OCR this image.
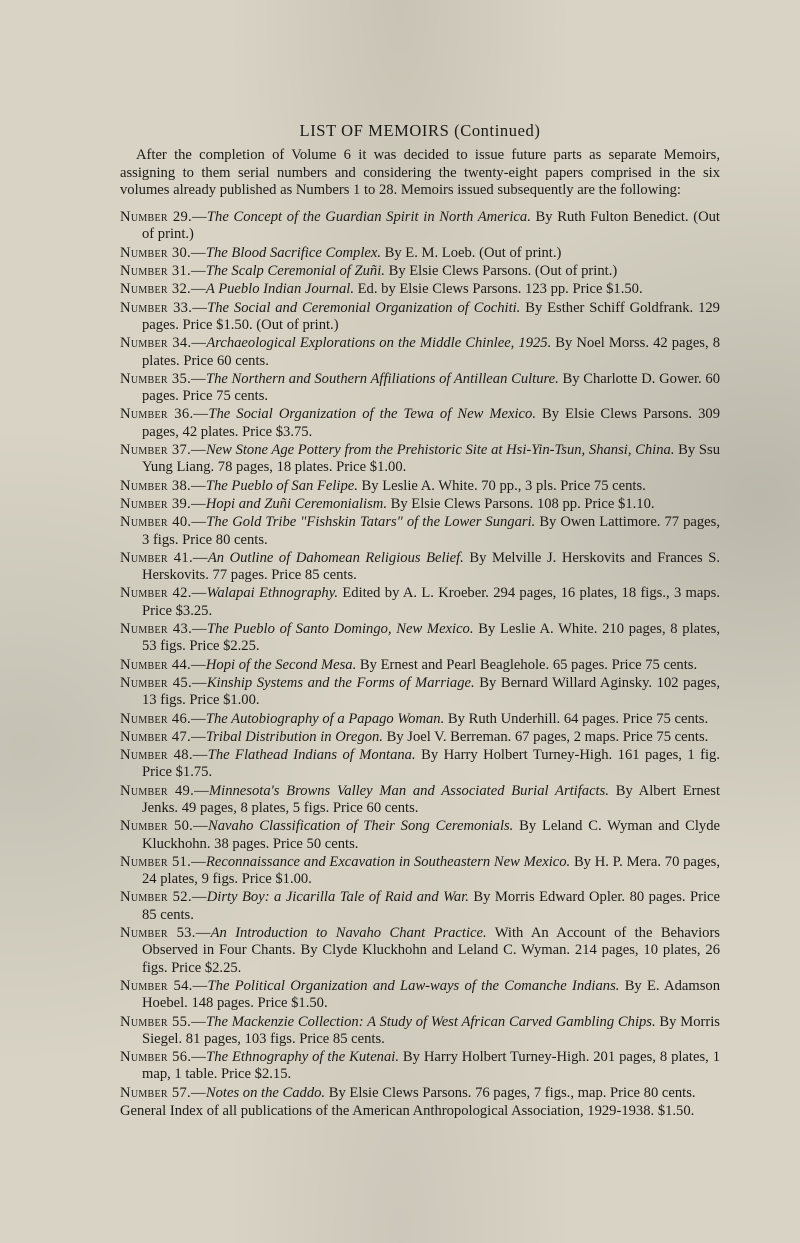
LIST OF MEMOIRS (Continued)

After the completion of Volume 6 it was decided to issue future parts as separate Memoirs, assigning to them serial numbers and considering the twenty-eight papers comprised in the six volumes already published as Numbers 1 to 28. Memoirs issued subsequently are the following:

Number 29.—The Concept of the Guardian Spirit in North America. By Ruth Fulton Benedict. (Out of print.)

Number 30.—The Blood Sacrifice Complex. By E. M. Loeb. (Out of print.)

Number 31.—The Scalp Ceremonial of Zuñi. By Elsie Clews Parsons. (Out of print.)

Number 32.—A Pueblo Indian Journal. Ed. by Elsie Clews Parsons. 123 pp. Price $1.50.

Number 33.—The Social and Ceremonial Organization of Cochiti. By Esther Schiff Goldfrank. 129 pages. Price $1.50. (Out of print.)

Number 34.—Archaeological Explorations on the Middle Chinlee, 1925. By Noel Morss. 42 pages, 8 plates. Price 60 cents.

Number 35.—The Northern and Southern Affiliations of Antillean Culture. By Charlotte D. Gower. 60 pages. Price 75 cents.

Number 36.—The Social Organization of the Tewa of New Mexico. By Elsie Clews Parsons. 309 pages, 42 plates. Price $3.75.

Number 37.—New Stone Age Pottery from the Prehistoric Site at Hsi-Yin-Tsun, Shansi, China. By Ssu Yung Liang. 78 pages, 18 plates. Price $1.00.

Number 38.—The Pueblo of San Felipe. By Leslie A. White. 70 pp., 3 pls. Price 75 cents.

Number 39.—Hopi and Zuñi Ceremonialism. By Elsie Clews Parsons. 108 pp. Price $1.10.

Number 40.—The Gold Tribe "Fishskin Tatars" of the Lower Sungari. By Owen Lattimore. 77 pages, 3 figs. Price 80 cents.

Number 41.—An Outline of Dahomean Religious Belief. By Melville J. Herskovits and Frances S. Herskovits. 77 pages. Price 85 cents.

Number 42.—Walapai Ethnography. Edited by A. L. Kroeber. 294 pages, 16 plates, 18 figs., 3 maps. Price $3.25.

Number 43.—The Pueblo of Santo Domingo, New Mexico. By Leslie A. White. 210 pages, 8 plates, 53 figs. Price $2.25.

Number 44.—Hopi of the Second Mesa. By Ernest and Pearl Beaglehole. 65 pages. Price 75 cents.

Number 45.—Kinship Systems and the Forms of Marriage. By Bernard Willard Aginsky. 102 pages, 13 figs. Price $1.00.

Number 46.—The Autobiography of a Papago Woman. By Ruth Underhill. 64 pages. Price 75 cents.

Number 47.—Tribal Distribution in Oregon. By Joel V. Berreman. 67 pages, 2 maps. Price 75 cents.

Number 48.—The Flathead Indians of Montana. By Harry Holbert Turney-High. 161 pages, 1 fig. Price $1.75.

Number 49.—Minnesota's Browns Valley Man and Associated Burial Artifacts. By Albert Ernest Jenks. 49 pages, 8 plates, 5 figs. Price 60 cents.

Number 50.—Navaho Classification of Their Song Ceremonials. By Leland C. Wyman and Clyde Kluckhohn. 38 pages. Price 50 cents.

Number 51.—Reconnaissance and Excavation in Southeastern New Mexico. By H. P. Mera. 70 pages, 24 plates, 9 figs. Price $1.00.

Number 52.—Dirty Boy: a Jicarilla Tale of Raid and War. By Morris Edward Opler. 80 pages. Price 85 cents.

Number 53.—An Introduction to Navaho Chant Practice. With An Account of the Behaviors Observed in Four Chants. By Clyde Kluckhohn and Leland C. Wyman. 214 pages, 10 plates, 26 figs. Price $2.25.

Number 54.—The Political Organization and Law-ways of the Comanche Indians. By E. Adamson Hoebel. 148 pages. Price $1.50.

Number 55.—The Mackenzie Collection: A Study of West African Carved Gambling Chips. By Morris Siegel. 81 pages, 103 figs. Price 85 cents.

Number 56.—The Ethnography of the Kutenai. By Harry Holbert Turney-High. 201 pages, 8 plates, 1 map, 1 table. Price $2.15.

Number 57.—Notes on the Caddo. By Elsie Clews Parsons. 76 pages, 7 figs., map. Price 80 cents.

General Index of all publications of the American Anthropological Association, 1929-1938. $1.50.
